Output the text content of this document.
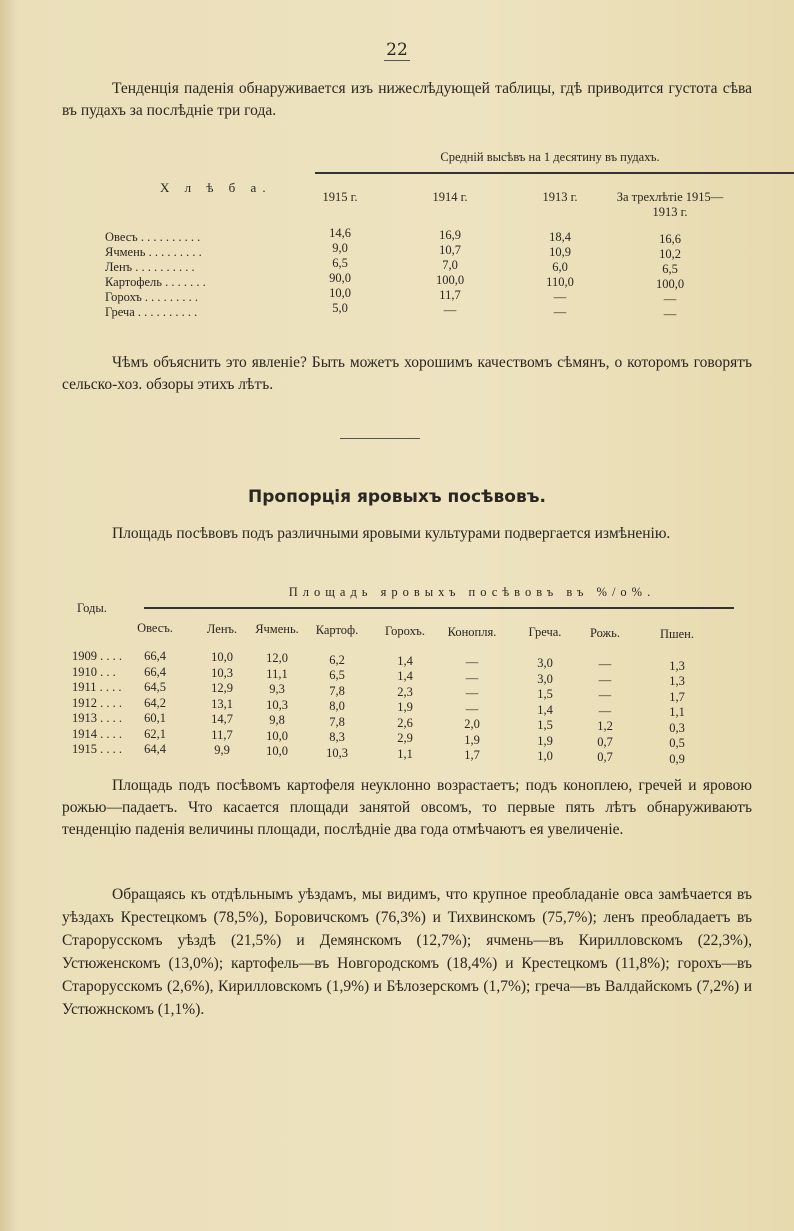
22
Тенденція паденія обнаруживается изъ нижеслѣдующей таблицы, гдѣ приводится густота сѣва въ пудахъ за послѣдніе три года.
Средній высѣвъ на 1 десятину въ пудахъ.
Х л ѣ б а.
1915 г.	1914 г.	1913 г.	За трехлѣтіе 1915—1913 г.
Овесъ . . . . . . . . . .	14,6	16,9	18,4	16,6
Ячмень . . . . . . . . .	9,0	10,7	10,9	10,2
Ленъ . . . . . . . . . .	6,5	7,0	6,0	6,5
Картофель . . . . . . .	90,0	100,0	110,0	100,0
Горохъ . . . . . . . . .	10,0	11,7	—	—
Греча . . . . . . . . . .	5,0	—	—	—
Чѣмъ объяснить это явленіе? Быть можетъ хорошимъ качествомъ сѣмянъ, о которомъ говорятъ сельско-хоз. обзоры этихъ лѣтъ.
Пропорція яровыхъ посѣвовъ.
Площадь посѣвовъ подъ различными яровыми культурами подвергается измѣненію.
Годы.
Площадь яровыхъ посѣвовъ въ %/о%.
Овесъ.	Ленъ.	Ячмень.	Картоф.	Горохъ.	Конопля.	Греча.	Рожь.	Пшен.
1909 . . . .	66,4	10,0	12,0	6,2	1,4	—	3,0	—	1,3
1910 . . .	66,4	10,3	11,1	6,5	1,4	—	3,0	—	1,3
1911 . . . .	64,5	12,9	9,3	7,8	2,3	—	1,5	—	1,7
1912 . . . .	64,2	13,1	10,3	8,0	1,9	—	1,4	—	1,1
1913 . . . .	60,1	14,7	9,8	7,8	2,6	2,0	1,5	1,2	0,3
1914 . . . .	62,1	11,7	10,0	8,3	2,9	1,9	1,9	0,7	0,5
1915 . . . .	64,4	9,9	10,0	10,3	1,1	1,7	1,0	0,7	0,9
Площадь подъ посѣвомъ картофеля неуклонно возрастаетъ; подъ коноплею, гречей и яровою рожью—падаетъ. Что касается площади занятой овсомъ, то первые пять лѣтъ обнаруживаютъ тенденцію паденія величины площади, послѣдніе два года отмѣчаютъ ея увеличеніе.
Обращаясь къ отдѣльнымъ уѣздамъ, мы видимъ, что крупное преобладаніе овса замѣчается въ уѣздахъ Крестецкомъ (78,5%), Боровичскомъ (76,3%) и Тихвинскомъ (75,7%); ленъ преобладаетъ въ Старорусскомъ уѣздѣ (21,5%) и Демянскомъ (12,7%); ячмень—въ Кирилловскомъ (22,3%), Устюженскомъ (13,0%); картофель—въ Новгородскомъ (18,4%) и Крестецкомъ (11,8%); горохъ—въ Старорусскомъ (2,6%), Кирилловскомъ (1,9%) и Бѣлозерскомъ (1,7%); греча—въ Валдайскомъ (7,2%) и Устюжнскомъ (1,1%).
